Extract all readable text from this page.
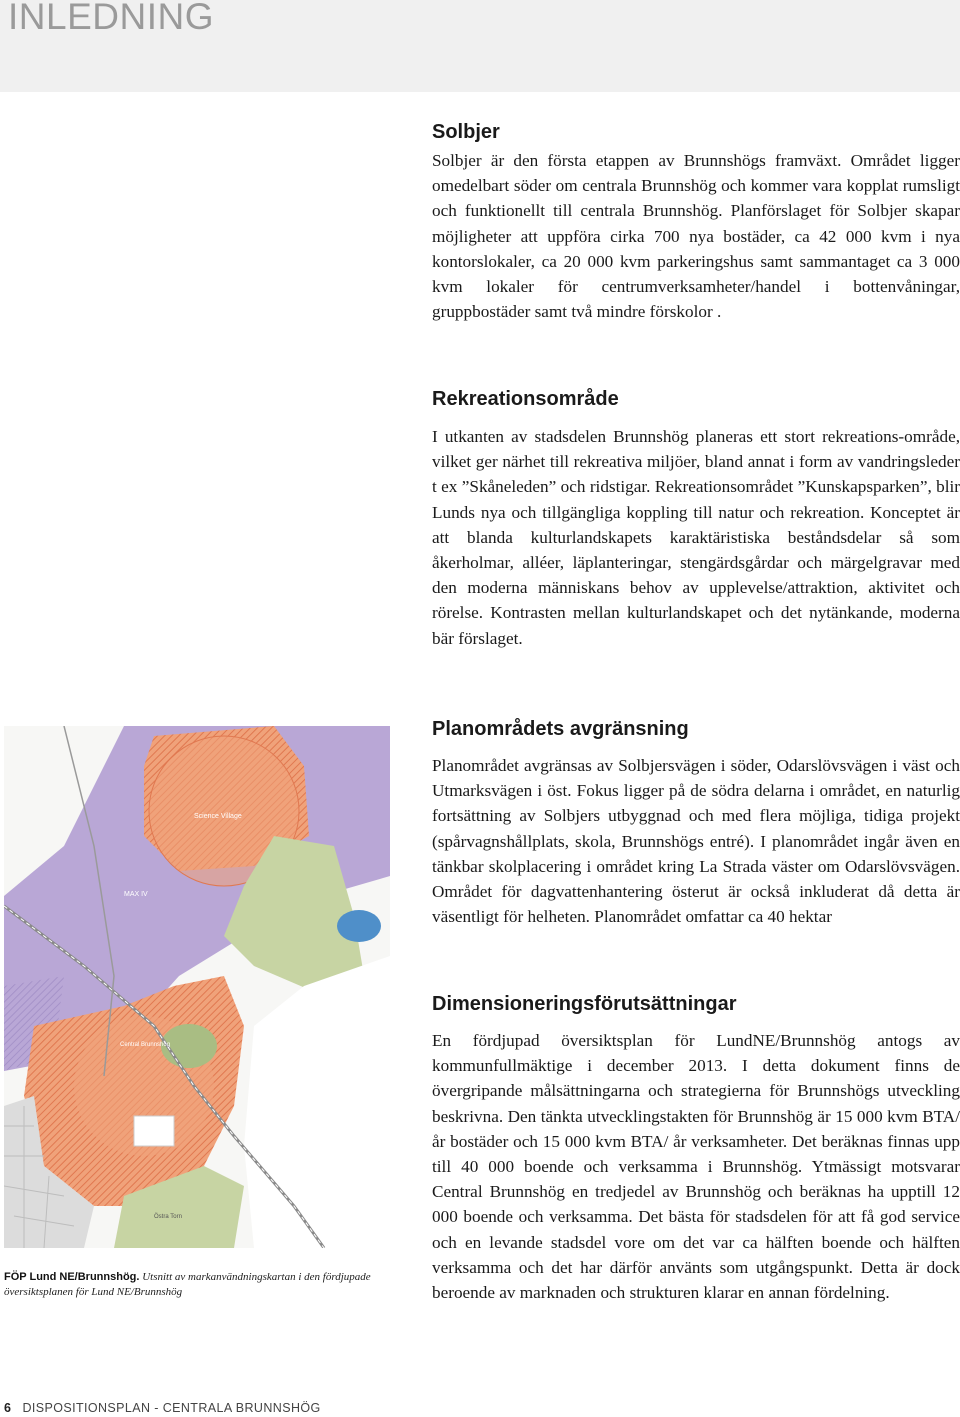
INLEDNING
Solbjer

Solbjer är den första etappen av Brunnshögs framväxt. Området ligger omedelbart söder om centrala Brunnshög och kommer vara kopplat rumsligt och funktionellt till centrala Brunnshög. Planförslaget för Solbjer skapar möjligheter att uppföra cirka 700 nya bostäder, ca 42 000 kvm i nya kontorslokaler, ca 20 000 kvm parkeringshus samt sammantaget ca 3 000 kvm lokaler för centrumverksamheter/handel i bottenvåningar, gruppbostäder samt två mindre förskolor .

Rekreationsområde

I utkanten av stadsdelen Brunnshög planeras ett stort rekreations-område, vilket ger närhet till rekreativa miljöer, bland annat i form av vandringsleder t ex ”Skåneleden” och ridstigar. Rekreationsområdet ”Kunskapsparken”, blir Lunds nya och tillgängliga koppling till natur och rekreation. Konceptet är att blanda kulturlandskapets karaktäristiska beståndsdelar så som åkerholmar, alléer, läplanteringar, stengärdsgårdar och märgelgravar med den moderna människans behov av upplevelse/attraktion, aktivitet och rörelse. Kontrasten mellan kulturlandskapet och det nytänkande, moderna bär förslaget.

Planområdets avgränsning

Planområdet avgränsas av Solbjersvägen i söder, Odarslövsvägen i väst och Utmarksvägen i öst. Fokus ligger på de södra delarna i området, en naturlig fortsättning av Solbjers utbyggnad och med flera möjliga, tidiga projekt (spårvagnshållplats, skola, Brunnshögs entré). I planområdet ingår även en tänkbar skolplacering i området kring La Strada väster om Odarslövsvägen. Området för dagvattenhantering österut är också inkluderat då detta är väsentligt för helheten. Planområdet omfattar ca 40 hektar

Dimensioneringsförutsättningar

En fördjupad översiktsplan för LundNE/Brunnshög antogs av kommunfullmäktige i december 2013. I detta dokument finns de övergripande målsättningarna och strategierna för Brunnshögs utveckling beskrivna. Den tänkta utvecklingstakten för Brunnshög är 15 000 kvm BTA/år bostäder och 15 000 kvm BTA/ år verksamheter. Det beräknas finnas upp till 40 000 boende och verksamma i Brunnshög. Ytmässigt motsvarar Central Brunnshög en tredjedel av Brunnshög och beräknas ha upptill 12 000 boende och verksamma. Det bästa för stadsdelen för att få god service och en levande stadsdel vore om det var ca hälften boende och hälften verksamma och det har därför använts som utgångspunkt. Detta är dock beroende av marknaden och strukturen klarar en annan fördelning.

Science Village
MAX IV
Central Brunnshög
Östra Torn
FÖP Lund NE/Brunnshög. Utsnitt av markanvändningskartan i den fördjupade översiktsplanen för Lund NE/Brunnshög
6 DISPOSITIONSPLAN - CENTRALA BRUNNSHÖG
